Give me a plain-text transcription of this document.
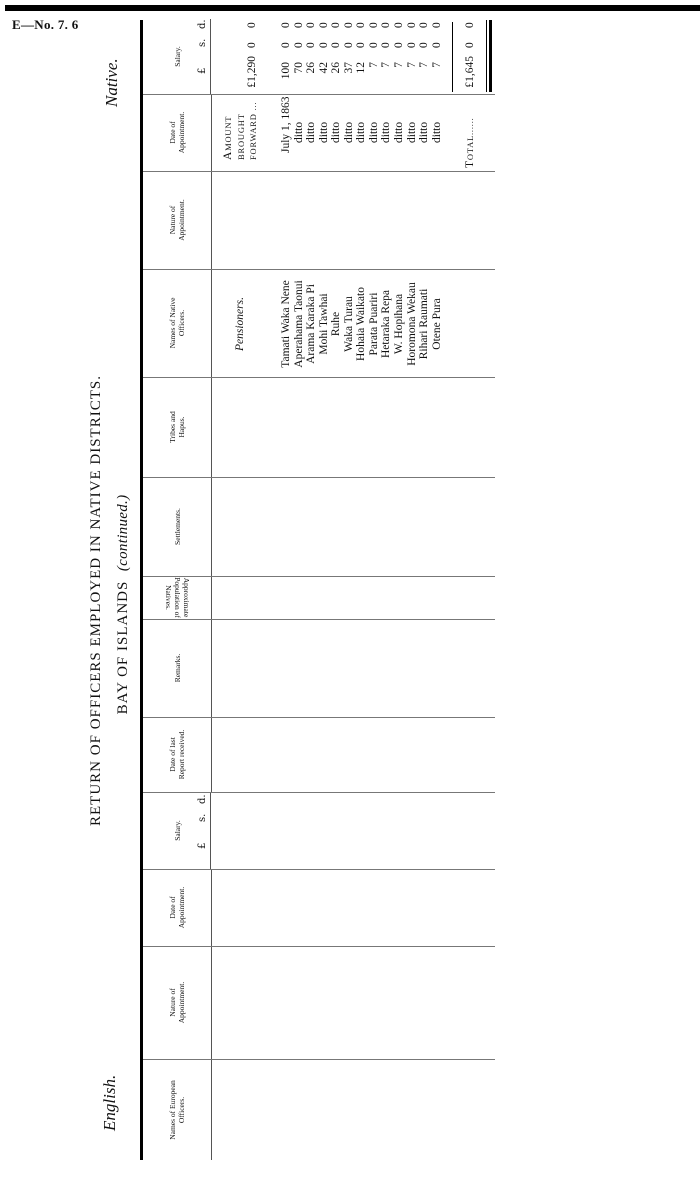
E—No. 7. 6
RETURN OF OFFICERS EMPLOYED IN NATIVE DISTRICTS. BAY OF ISLANDS  (continued.)
English.
Native.
Names of European Officers.
Nature of Appointment.
Date of Appointment.
Salary.
£
s.
d.
Date of last Report received.
Remarks.
Approximate Population of Natives.
Settlements.
Tribes and Hapus.
Names of Native Officers.
Nature of Appointment.
Date of Appointment.
Salary.
£
s.
d.
AMOUNT BROUGHT FORWARD ...
£1,290
0
0
Pensioners.	Tamati Waka Nene
July 1, 1863
100
0
0
Aperahama Taonui
ditto
70
0
0
Arama Karaka Pi
ditto
26
0
0
Mohi Tawhai
ditto
42
0
0
Ruhe
ditto
26
0
0
Waka Turau
ditto
37
0
0
Hohaia Waikato
ditto
12
0
0
Parata Puariri
ditto
7
0
0
Hetaraka Repa
ditto
7
0
0
W. Hopihana
ditto
7
0
0
Horomona Wekau
ditto
7
0
0
Rihari Raumati
ditto
7
0
0
Otene Pura
ditto
7
0
0
TOTAL......
£1,645
0
0
